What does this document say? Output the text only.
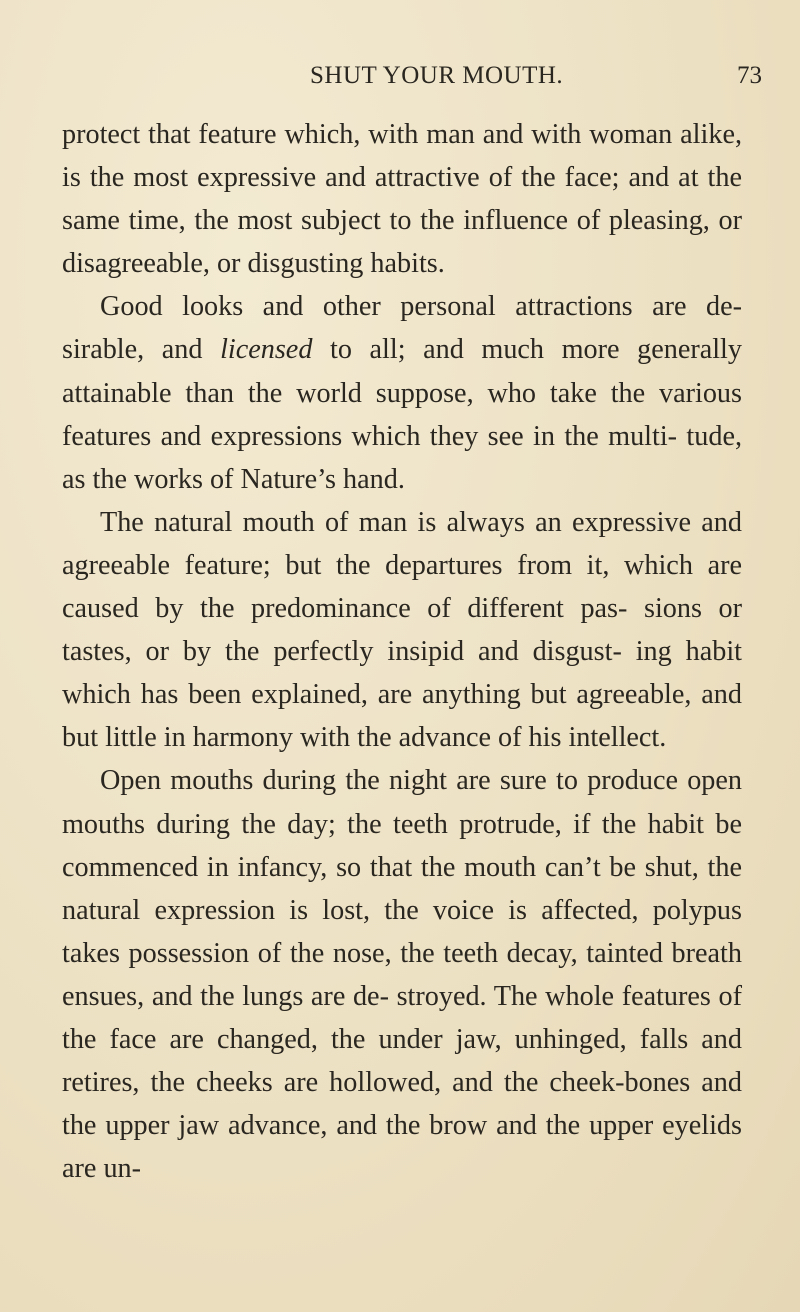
SHUT YOUR MOUTH.	73

protect that feature which, with man and with woman alike, is the most expressive and attractive of the face; and at the same time, the most subject to the influence of pleasing, or disagreeable, or disgusting habits.

Good looks and other personal attractions are de- sirable, and licensed to all; and much more generally attainable than the world suppose, who take the various features and expressions which they see in the multi- tude, as the works of Nature’s hand.

The natural mouth of man is always an expressive and agreeable feature; but the departures from it, which are caused by the predominance of different pas- sions or tastes, or by the perfectly insipid and disgust- ing habit which has been explained, are anything but agreeable, and but little in harmony with the advance of his intellect.

Open mouths during the night are sure to produce open mouths during the day; the teeth protrude, if the habit be commenced in infancy, so that the mouth can’t be shut, the natural expression is lost, the voice is affected, polypus takes possession of the nose, the teeth decay, tainted breath ensues, and the lungs are de- stroyed. The whole features of the face are changed, the under jaw, unhinged, falls and retires, the cheeks are hollowed, and the cheek-bones and the upper jaw advance, and the brow and the upper eyelids are un-
